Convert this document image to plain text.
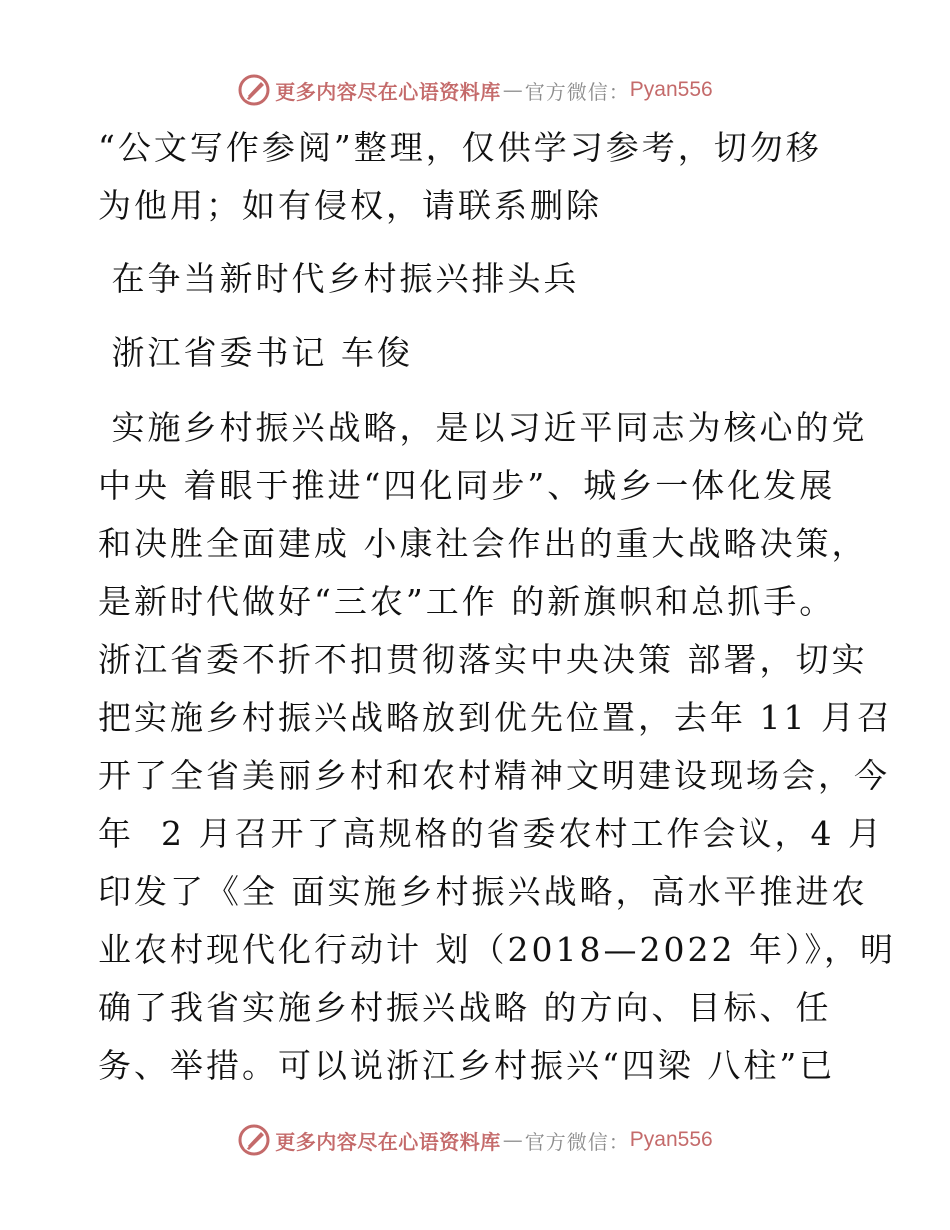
更多内容尽在心语资料库 — 官方微信： Pyan556
“公文写作参阅”整理，仅供学习参考，切勿移
为他用；如有侵权，请联系删除
在争当新时代乡村振兴排头兵
浙江省委书记 车俊
实施乡村振兴战略，是以习近平同志为核心的党
中央 着眼于推进“四化同步”、城乡一体化发展
和决胜全面建成 小康社会作出的重大战略决策，
是新时代做好“三农”工作 的新旗帜和总抓手。
浙江省委不折不扣贯彻落实中央决策 部署，切实
把实施乡村振兴战略放到优先位置，去年 11 月召
开了全省美丽乡村和农村精神文明建设现场会，今
年  2 月召开了高规格的省委农村工作会议，4 月
印发了《全 面实施乡村振兴战略，高水平推进农
业农村现代化行动计 划（2018—2022 年）》，明
确了我省实施乡村振兴战略 的方向、目标、任
务、举措。可以说浙江乡村振兴“四梁 八柱”已
更多内容尽在心语资料库 — 官方微信： Pyan556
